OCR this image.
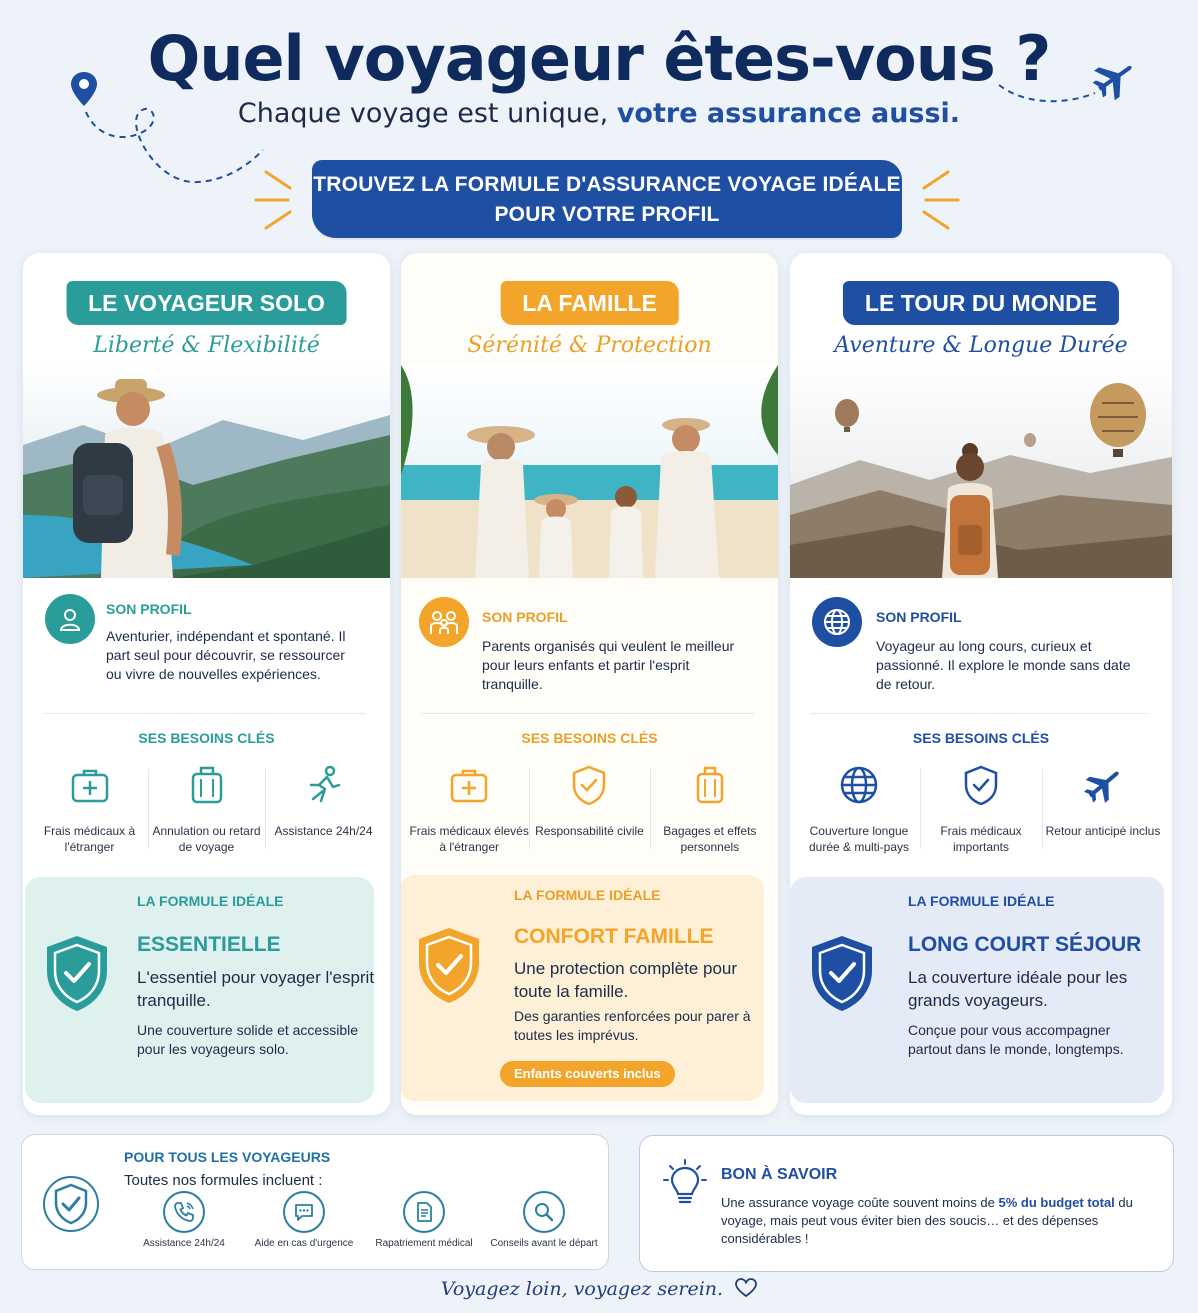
Quel voyageur êtes-vous ?
Chaque voyage est unique, votre assurance aussi.
TROUVEZ LA FORMULE D'ASSURANCE VOYAGE IDÉALE
POUR VOTRE PROFIL
LE VOYAGEUR SOLO
Liberté & Flexibilité
SON PROFIL
Aventurier, indépendant et spontané. Il part seul pour découvrir, se ressourcer ou vivre de nouvelles expériences.
SES BESOINS CLÉS
Frais médicaux à l'étranger
Annulation ou retard de voyage
Assistance 24h/24
LA FORMULE IDÉALE
ESSENTIELLE
L'essentiel pour voyager l'esprit tranquille.
Une couverture solide et accessible pour les voyageurs solo.
LA FAMILLE
Sérénité & Protection
SON PROFIL
Parents organisés qui veulent le meilleur pour leurs enfants et partir l'esprit tranquille.
SES BESOINS CLÉS
Frais médicaux élevés à l'étranger
Responsabilité civile	Bagages et effets personnels
LA FORMULE IDÉALE
CONFORT FAMILLE
Une protection complète pour toute la famille.
Des garanties renforcées pour parer à toutes les imprévus.
Enfants couverts inclus
LE TOUR DU MONDE
Aventure & Longue Durée
SON PROFIL
Voyageur au long cours, curieux et passionné. Il explore le monde sans date de retour.
SES BESOINS CLÉS
Couverture longue durée & multi-pays
Frais médicaux importants
Retour anticipé inclus
LA FORMULE IDÉALE
LONG COURT SÉJOUR
La couverture idéale pour les grands voyageurs.
Conçue pour vous accompagner partout dans le monde, longtemps.
POUR TOUS LES VOYAGEURS
Toutes nos formules incluent :
Assistance 24h/24	Aide en cas d'urgence	Rapatriement médical	Conseils avant le départ
BON À SAVOIR
Une assurance voyage coûte souvent moins de 5% du budget total du voyage, mais peut vous éviter bien des soucis… et des dépenses considérables !
Voyagez loin, voyagez serein.
